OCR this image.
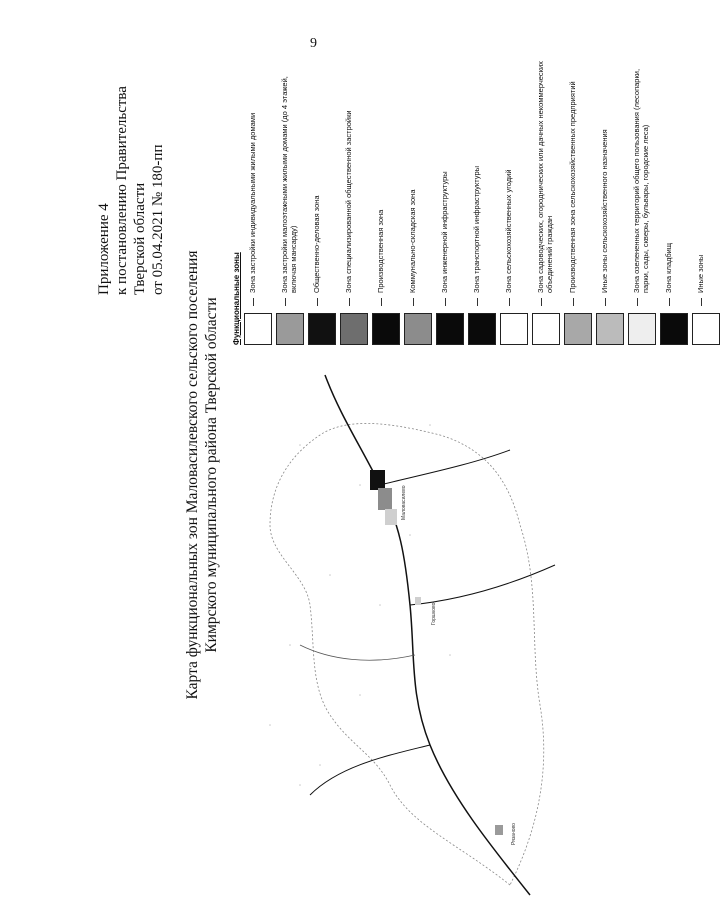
9
Приложение 4 к постановлению Правительства Тверской области от 05.04.2021 № 180-пп
Карта функциональных зон Маловасилевского сельского поселения Кимрского муниципального района Тверской области Функциональные зоны
Зона застройки индивидуальными жилыми домами	Зона застройки малоэтажными жилыми домами (до 4 этажей, включая мансарду) Общественно-деловая зона	Зона специализированной общественной застройки	Производственная зона	Коммунально-складская зона	Зона инженерной инфраструктуры	Зона транспортной инфраструктуры	Зона сельскохозяйственных угодий	Зона садоводческих, огороднических или дачных некоммерческих объединений граждан Производственная зона сельскохозяйственных предприятий	Иные зоны сельскохозяйственного назначения	Зона озелененных территорий общего пользования (лесопарки, парки, сады, скверы, бульвары, городские леса) Зона кладбищ	Иные зоны
Маловасилево
Рязаново
Горшково
